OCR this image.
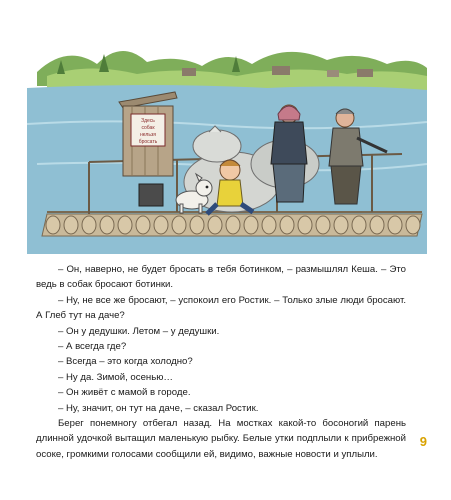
Здесь
собак
нельзя
бросать

– Он, наверно, не будет бросать в тебя ботинком, – размышлял Кеша. – Это ведь в собак бросают ботинки.

– Ну, не все же бросают, – успокоил его Ростик. – Только злые люди бросают. А Глеб тут на даче?

– Он у дедушки. Летом – у дедушки.

– А всегда где?

– Всегда – это когда холодно?

– Ну да. Зимой, осенью…

– Он живёт с мамой в городе.

– Ну, значит, он тут на даче, – сказал Ростик.

Берег понемногу отбегал назад. На мостках какой-то босоногий парень длинной удочкой вытащил маленькую рыбку. Белые утки подплыли к прибрежной осоке, громкими голосами сообщили ей, видимо, важные новости и уплыли.

9
